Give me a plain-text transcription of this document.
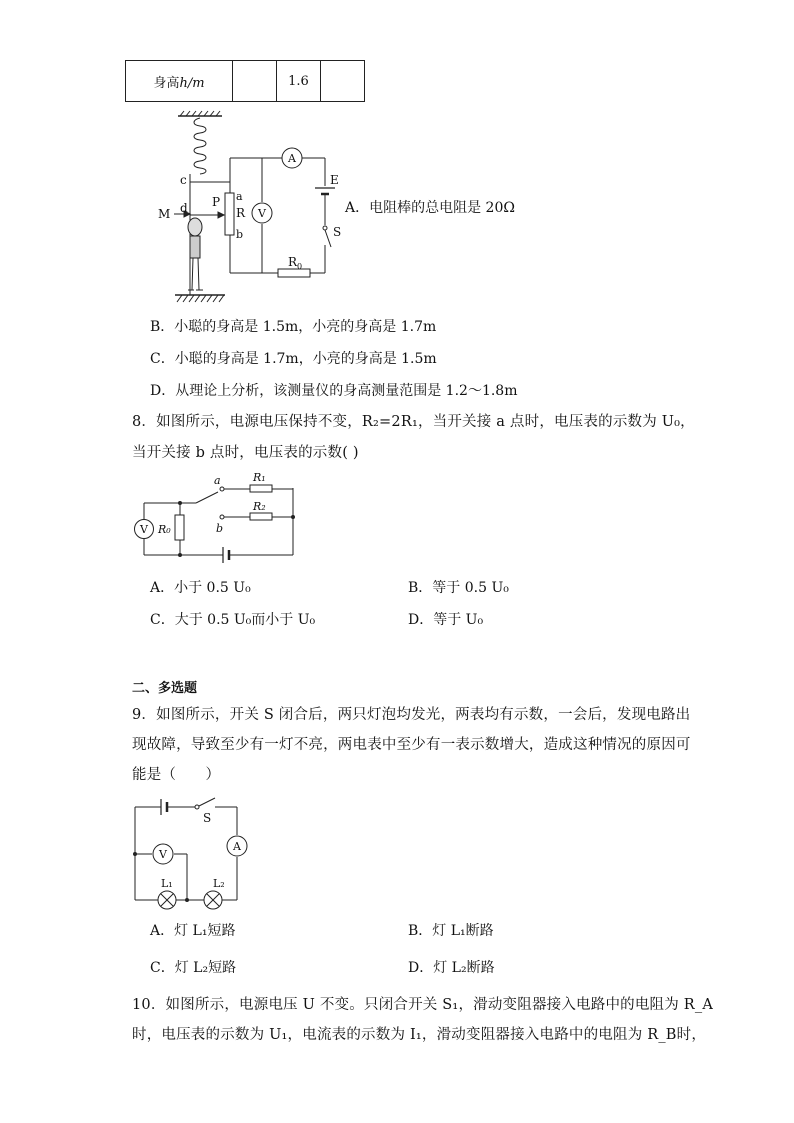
身高h/m		1.6	
c
d
M
P a
R
b
V
A
E
S
$R_0$
A．电阻棒的总电阻是 20Ω
B．小聪的身高是 1.5m，小亮的身高是 1.7m
C．小聪的身高是 1.7m，小亮的身高是 1.5m
D．从理论上分析，该测量仪的身高测量范围是 1.2～1.8m
8．如图所示，电源电压保持不变，R₂=2R₁，当开关接 a 点时，电压表的示数为 U₀，
当开关接 b 点时，电压表的示数( )
a
b
V
R₁
R₂
R₀
A．小于 0.5 U₀	B．等于 0.5 U₀
C．大于 0.5 U₀而小于 U₀	D．等于 U₀
二、多选题
9．如图所示，开关 S 闭合后，两只灯泡均发光，两表均有示数，一会后，发现电路出
现故障，导致至少有一灯不亮，两电表中至少有一表示数增大，造成这种情况的原因可
能是（　　）
S
V
A
L₁	L₂
A．灯 L₁短路	B．灯 L₁断路
C．灯 L₂短路	D．灯 L₂断路
10．如图所示，电源电压 U 不变。只闭合开关 S₁，滑动变阻器接入电路中的电阻为 R_A
时，电压表的示数为 U₁，电流表的示数为 I₁，滑动变阻器接入电路中的电阻为 R_B时，
